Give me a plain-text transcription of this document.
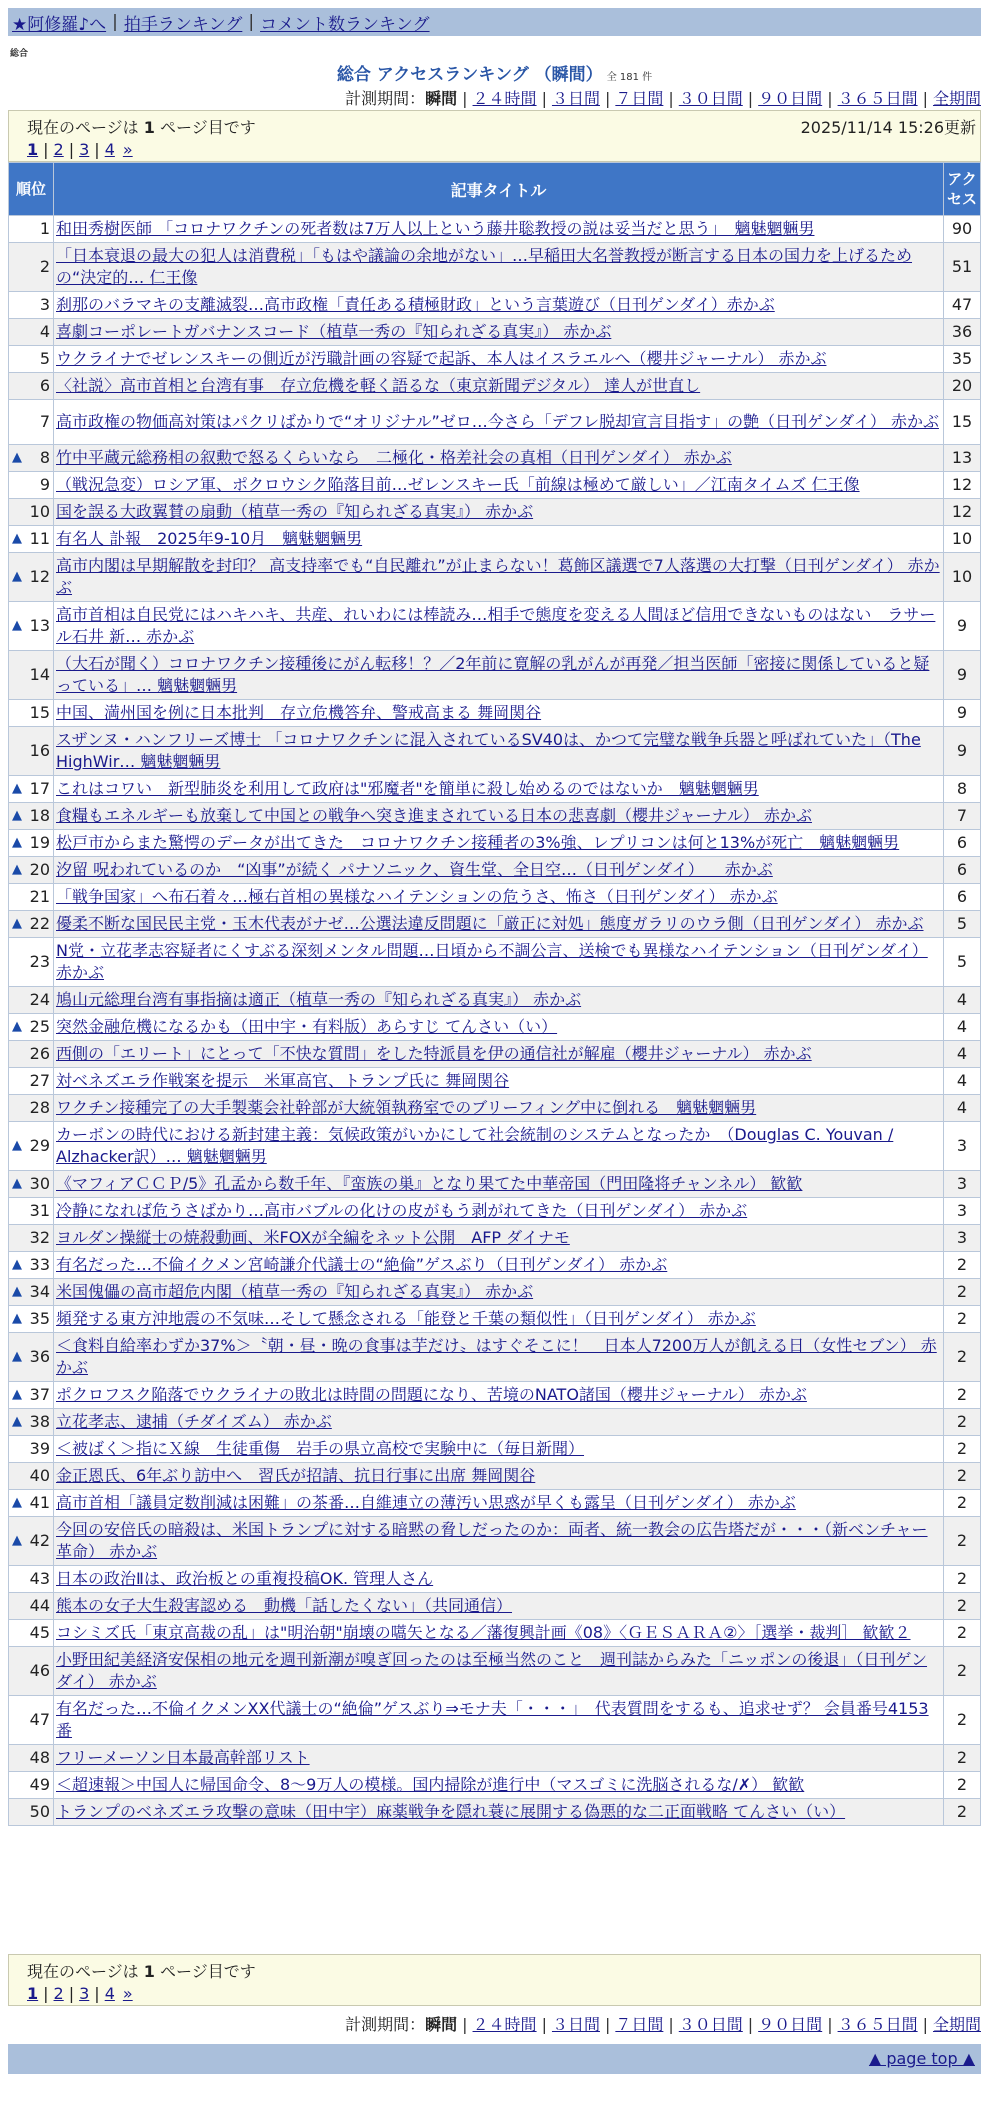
★阿修羅♪へ | 拍手ランキング | コメント数ランキング
総合
総合 アクセスランキング （瞬間） 全 181 件
計測期間：瞬間 | ２４時間 | ３日間 | ７日間 | ３０日間 | ９０日間 | ３６５日間 | 全期間
現在のページは 1 ページ目です	2025/11/14 15:26更新
1 | 2 | 3 | 4 »
順位	記事タイトル	アクセス
1	和田秀樹医師 「コロナワクチンの死者数は7万人以上という藤井聡教授の説は妥当だと思う」　魑魅魍魎男	90
2	「日本衰退の最大の犯人は消費税」「もはや議論の余地がない」…早稲田大名誉教授が断言する日本の国力を上げるための“決定的… 仁王像	51
3	刹那のバラマキの支離滅裂…高市政権「責任ある積極財政」という言葉遊び（日刊ゲンダイ）赤かぶ	47
4	喜劇コーポレートガバナンスコード（植草一秀の『知られざる真実』） 赤かぶ	36
5	ウクライナでゼレンスキーの側近が汚職計画の容疑で起訴、本人はイスラエルへ（櫻井ジャーナル） 赤かぶ	35
6	〈社説〉高市首相と台湾有事　存立危機を軽く語るな（東京新聞デジタル） 達人が世直し	20
7	高市政権の物価高対策はパクリばかりで“オリジナル”ゼロ…今さら「デフレ脱却宣言目指す」の艶（日刊ゲンダイ） 赤かぶ	15

▲ 8	竹中平蔵元総務相の叙勲で怒るくらいなら　二極化・格差社会の真相（日刊ゲンダイ） 赤かぶ	13
9	（戦況急変）ロシア軍、ポクロウシク陥落目前…ゼレンスキー氏「前線は極めて厳しい」／江南タイムズ 仁王像	12
10	国を誤る大政翼賛の扇動（植草一秀の『知られざる真実』） 赤かぶ	12

▲ 11	有名人 訃報　2025年9-10月　魑魅魍魎男	10

▲ 12	高市内閣は早期解散を封印？ 高支持率でも“自民離れ”が止まらない！葛飾区議選で7人落選の大打撃（日刊ゲンダイ） 赤かぶ	10

▲ 13	高市首相は自民党にはハキハキ、共産、れいわには棒読み…相手で態度を変える人間ほど信用できないものはない　ラサール石井 新… 赤かぶ	9
14	（大石が聞く）コロナワクチン接種後にがん転移！？／2年前に寛解の乳がんが再発／担当医師「密接に関係していると疑っている」… 魑魅魍魎男	9
15	中国、満州国を例に日本批判　存立危機答弁、警戒高まる 舞岡関谷	9
16	スザンヌ・ハンフリーズ博士 「コロナワクチンに混入されているSV40は、かつて完璧な戦争兵器と呼ばれていた」（The HighWir… 魑魅魍魎男	9

▲ 17	これはコワい　新型肺炎を利用して政府は"邪魔者"を簡単に殺し始めるのではないか　魑魅魍魎男	8

▲ 18	食糧もエネルギーも放棄して中国との戦争へ突き進まされている日本の悲喜劇（櫻井ジャーナル） 赤かぶ	7

▲ 19	松戸市からまた驚愕のデータが出てきた　コロナワクチン接種者の3%強、レプリコンは何と13%が死亡　魑魅魍魎男	6

▲ 20	汐留 呪われているのか　“凶事”が続く パナソニック、資生堂、全日空…（日刊ゲンダイ） 　赤かぶ	6
21	「戦争国家」へ布石着々…極右首相の異様なハイテンションの危うさ、怖さ（日刊ゲンダイ） 赤かぶ	6

▲ 22	優柔不断な国民民主党・玉木代表がナゼ…公選法違反問題に「厳正に対処」態度ガラリのウラ側（日刊ゲンダイ） 赤かぶ	5
23	N党・立花孝志容疑者にくすぶる深刻メンタル問題…日頃から不調公言、送検でも異様なハイテンション（日刊ゲンダイ） 赤かぶ	5
24	鳩山元総理台湾有事指摘は適正（植草一秀の『知られざる真実』） 赤かぶ	4

▲ 25	突然金融危機になるかも（田中宇・有料版）あらすじ てんさい（い）	4
26	西側の「エリート」にとって「不快な質問」をした特派員を伊の通信社が解雇（櫻井ジャーナル） 赤かぶ	4
27	対ベネズエラ作戦案を提示　米軍高官、トランプ氏に 舞岡関谷	4
28	ワクチン接種完了の大手製薬会社幹部が大統領執務室でのブリーフィング中に倒れる　魑魅魍魎男	4

▲ 29	カーボンの時代における新封建主義：気候政策がいかにして社会統制のシステムとなったか　（Douglas C. Youvan / Alzhacker訳）… 魑魅魍魎男	3

▲ 30	《マフィアＣＣＰ/5》孔孟から数千年、『蛮族の巣』となり果てた中華帝国（門田隆将チャンネル） 歓歓	3
31	冷静になれば危うさばかり…高市バブルの化けの皮がもう剥がれてきた（日刊ゲンダイ） 赤かぶ	3
32	ヨルダン操縦士の焼殺動画、米FOXが全編をネット公開　AFP ダイナモ	3

▲ 33	有名だった…不倫イクメン宮崎謙介代議士の“絶倫”ゲスぶり（日刊ゲンダイ） 赤かぶ	2

▲ 34	米国傀儡の高市超危内閣（植草一秀の『知られざる真実』） 赤かぶ	2

▲ 35	頻発する東方沖地震の不気味…そして懸念される「能登と千葉の類似性」（日刊ゲンダイ） 赤かぶ	2

▲ 36	＜食料自給率わずか37%＞〝朝・昼・晩の食事は芋だけ〟はすぐそこに！　日本人7200万人が飢える日（女性セブン） 赤かぶ	2

▲ 37	ポクロフスク陥落でウクライナの敗北は時間の問題になり、苦境のNATO諸国（櫻井ジャーナル） 赤かぶ	2

▲ 38	立花孝志、逮捕（チダイズム） 赤かぶ	2
39	＜被ばく＞指にＸ線　生徒重傷　岩手の県立高校で実験中に（毎日新聞）	2
40	金正恩氏、6年ぶり訪中へ　習氏が招請、抗日行事に出席 舞岡関谷	2

▲ 41	高市首相「議員定数削減は困難」の茶番…自維連立の薄汚い思惑が早くも露呈（日刊ゲンダイ） 赤かぶ	2

▲ 42	今回の安倍氏の暗殺は、米国トランプに対する暗黙の脅しだったのか：両者、統一教会の広告塔だが・・・（新ベンチャー革命） 赤かぶ	2
43	日本の政治Ⅱは、政治板との重複投稿OK. 管理人さん	2
44	熊本の女子大生殺害認める　動機「話したくない」（共同通信）	2
45	コシミズ氏「東京高裁の乱」は"明治朝"崩壊の嚆矢となる／藩復興計画《08》〈ＧＥＳＡＲＡ②〉［選挙・裁判］ 歓歓２	2
46	小野田紀美経済安保相の地元を週刊新潮が嗅ぎ回ったのは至極当然のこと　週刊誌からみた「ニッポンの後退」（日刊ゲンダイ） 赤かぶ	2
47	有名だった…不倫イクメンXX代議士の“絶倫”ゲスぶり⇒モナ夫「・・・」　代表質問をするも、追求せず？ 会員番号4153番	2
48	フリーメーソン日本最高幹部リスト	2
49	＜超速報＞中国人に帰国命令、8～9万人の模様。国内掃除が進行中（マスゴミに洗脳されるな/✗） 歓歓	2
50	トランプのベネズエラ攻撃の意味（田中宇）麻薬戦争を隠れ蓑に展開する偽悪的な二正面戦略 てんさい（い）	2
現在のページは 1 ページ目です
1 | 2 | 3 | 4 »
計測期間：瞬間 | ２４時間 | ３日間 | ７日間 | ３０日間 | ９０日間 | ３６５日間 | 全期間
▲ page top ▲
